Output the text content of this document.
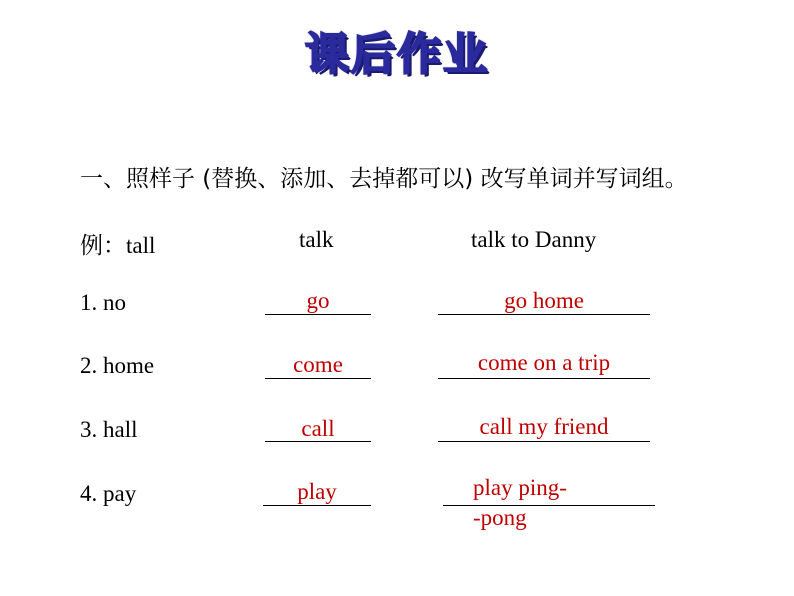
课后作业
一、照样子 (替换、添加、去掉都可以) 改写单词并写词组。
例：tall	talk	talk to Danny
1. no	go	go home
2. home	come	come on a trip
3. hall	call	call my friend
4. pay	play	play ping-
-pong
